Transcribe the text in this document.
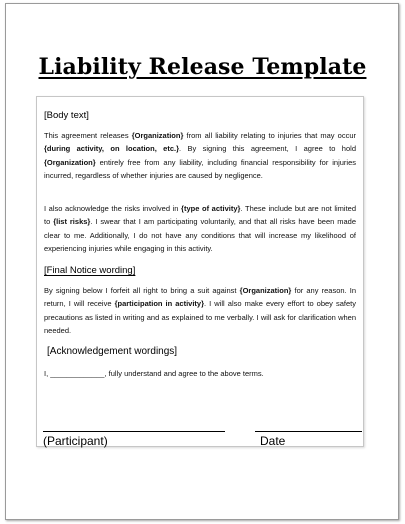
Liability Release Template
[Body text]
This agreement releases {Organization} from all liability relating to injuries that may occur {during activity, on location, etc.}. By signing this agreement, I agree to hold {Organization} entirely free from any liability, including financial responsibility for injuries incurred, regardless of whether injuries are caused by negligence.
I also acknowledge the risks involved in {type of activity}. These include but are not limited to {list risks}. I swear that I am participating voluntarily, and that all risks have been made clear to me. Additionally, I do not have any conditions that will increase my likelihood of experiencing injuries while engaging in this activity.
[Final Notice wording]
By signing below I forfeit all right to bring a suit against {Organization} for any reason. In return, I will receive {participation in activity}. I will also make every effort to obey safety precautions as listed in writing and as explained to me verbally. I will ask for clarification when needed.
[Acknowledgement wordings]
I, _____________, fully understand and agree to the above terms.
(Participant)	Date
